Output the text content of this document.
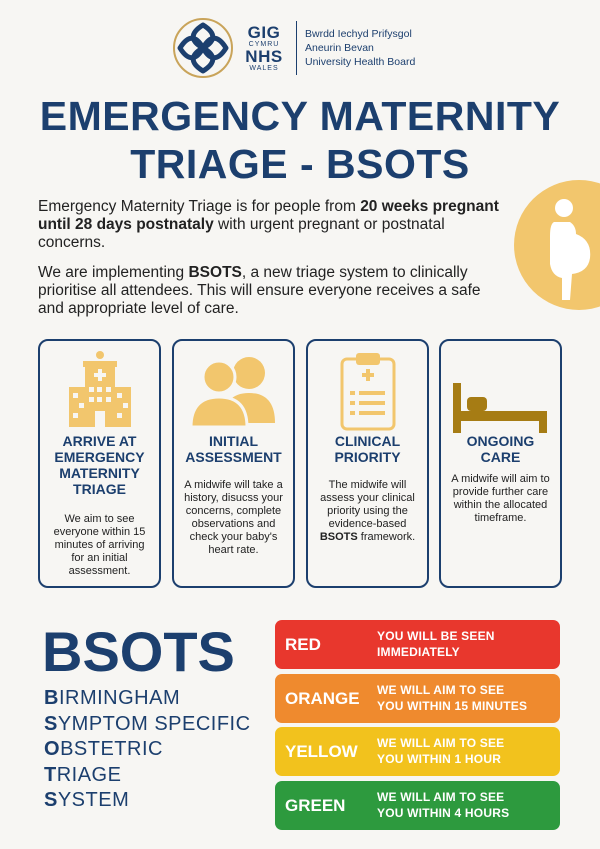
GIG
CYMRU
NHS
WALES
Bwrdd Iechyd Prifysgol
Aneurin Bevan
University Health Board
EMERGENCY MATERNITY
TRIAGE - BSOTS

Emergency Maternity Triage is for people from 20 weeks pregnant until 28 days postnataly with urgent pregnant or postnatal concerns.

We are implementing BSOTS, a new triage system to clinically prioritise all attendees. This will ensure everyone receives a safe and appropriate level of care.

ARRIVE AT EMERGENCY MATERNITY TRIAGE
We aim to see everyone within 15 minutes of arriving for an initial assessment.
INITIAL ASSESSMENT
A midwife will take a history, disucss your concerns, complete observations and check your baby's heart rate.
CLINICAL PRIORITY
The midwife will assess your clinical priority using the evidence-based BSOTS framework.
ONGOING CARE
A midwife will aim to provide further care within the allocated timeframe.
BSOTS
BIRMINGHAM
SYMPTOM SPECIFIC
OBSTETRIC
TRIAGE
SYSTEM
RED	YOU WILL BE SEEN
IMMEDIATELY
ORANGE WE WILL AIM TO SEE
YOU WITHIN 15 MINUTES
YELLOW WE WILL AIM TO SEE
YOU WITHIN 1 HOUR
GREEN	WE WILL AIM TO SEE
YOU WITHIN 4 HOURS
